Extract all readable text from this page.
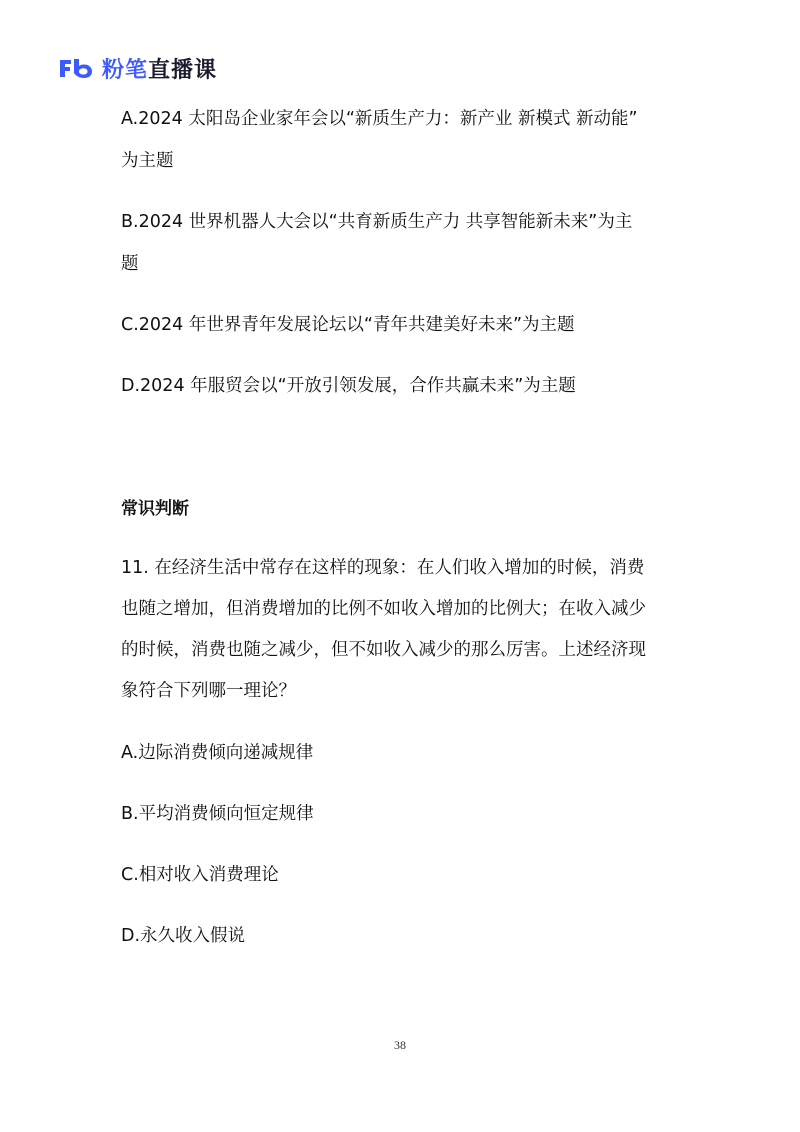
粉笔 直播课
A.2024 太阳岛企业家年会以“新质生产力：新产业 新模式 新动能”
为主题
B.2024 世界机器人大会以“共育新质生产力 共享智能新未来”为主
题
C.2024 年世界青年发展论坛以“青年共建美好未来”为主题
D.2024 年服贸会以“开放引领发展，合作共赢未来”为主题
常识判断
11. 在经济生活中常存在这样的现象：在人们收入增加的时候，消费
也随之增加，但消费增加的比例不如收入增加的比例大；在收入减少
的时候，消费也随之减少，但不如收入减少的那么厉害。上述经济现
象符合下列哪一理论？
A.边际消费倾向递减规律
B.平均消费倾向恒定规律
C.相对收入消费理论
D.永久收入假说
38
